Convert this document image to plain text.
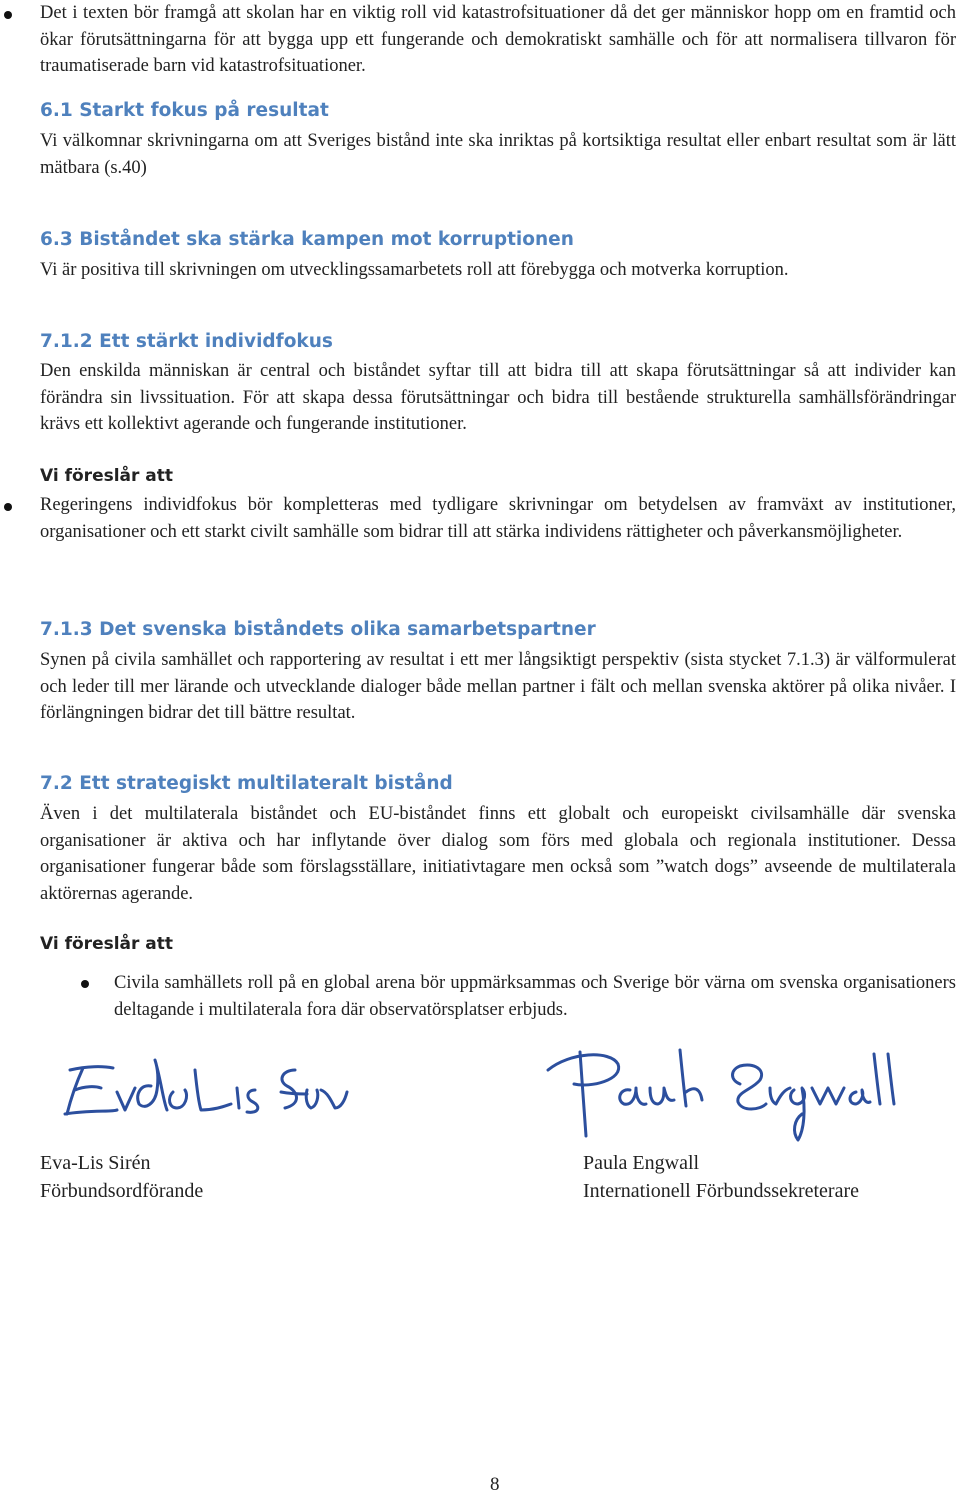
Det i texten bör framgå att skolan har en viktig roll vid katastrofsituationer då det ger människor hopp om en framtid och ökar förutsättningarna för att bygga upp ett fungerande och demokratiskt samhälle och för att normalisera tillvaron för traumatiserade barn vid katastrofsituationer.

6.1 Starkt fokus på resultat

Vi välkomnar skrivningarna om att Sveriges bistånd inte ska inriktas på kortsiktiga resultat eller enbart resultat som är lätt mätbara (s.40)

6.3 Biståndet ska stärka kampen mot korruptionen

Vi är positiva till skrivningen om utvecklingssamarbetets roll att förebygga och motverka korruption.

7.1.2 Ett stärkt individfokus

Den enskilda människan är central och biståndet syftar till att bidra till att skapa förutsättningar så att individer kan förändra sin livssituation. För att skapa dessa förutsättningar och bidra till bestående strukturella samhällsförändringar krävs ett kollektivt agerande och fungerande institutioner.

Vi föreslår att

Regeringens individfokus bör kompletteras med tydligare skrivningar om betydelsen av framväxt av institutioner, organisationer och ett starkt civilt samhälle som bidrar till att stärka individens rättigheter och påverkansmöjligheter.

7.1.3 Det svenska biståndets olika samarbetspartner

Synen på civila samhället och rapportering av resultat i ett mer långsiktigt perspektiv (sista stycket 7.1.3) är välformulerat och leder till mer lärande och utvecklande dialoger både mellan partner i fält och mellan svenska aktörer på olika nivåer. I förlängningen bidrar det till bättre resultat.

7.2 Ett strategiskt multilateralt bistånd

Även i det multilaterala biståndet och EU-biståndet finns ett globalt och europeiskt civilsamhälle där svenska organisationer är aktiva och har inflytande över dialog som förs med globala och regionala institutioner. Dessa organisationer fungerar både som förslagsställare, initiativtagare men också som ”watch dogs” avseende de multilaterala aktörernas agerande.

Vi föreslår att

Civila samhällets roll på en global arena bör uppmärksammas och Sverige bör värna om svenska organisationers deltagande i multilaterala fora där observatörsplatser erbjuds.

Eva-Lis Sirén

Förbundsordförande

Paula Engwall

Internationell Förbundssekreterare

8
